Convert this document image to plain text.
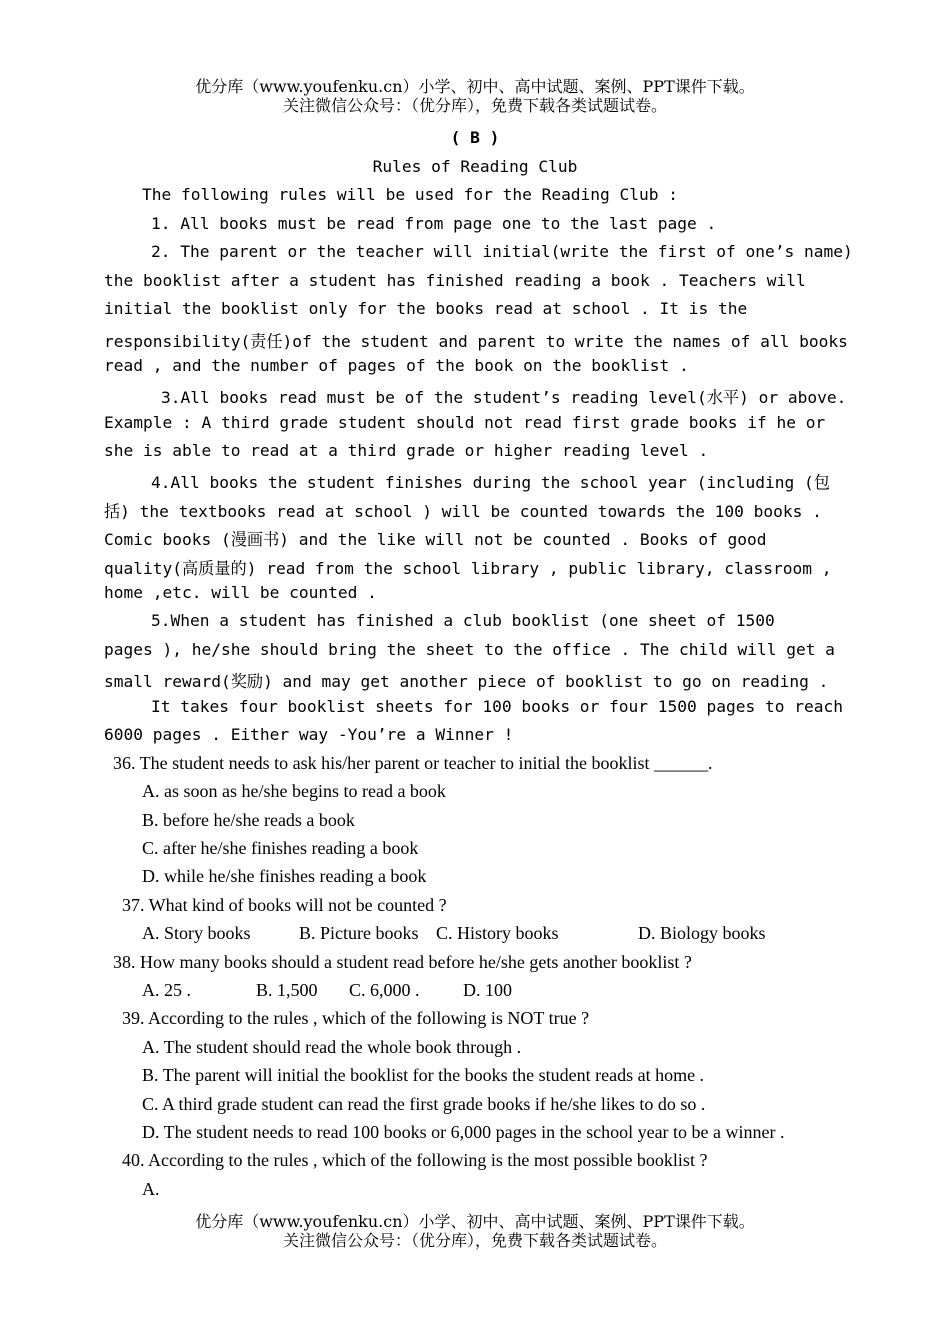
优分库（www.youfenku.cn）小学、初中、高中试题、案例、PPT课件下载。
关注微信公众号：（优分库），免费下载各类试题试卷。
( B )
Rules of Reading Club
The following rules will be used for the Reading Club :
1. All books must be read from page one to the last page .
2. The parent or the teacher will initial(write the first of one’s name)
the booklist after a student has finished reading a book . Teachers will
initial the booklist only for the books read at school . It is the
responsibility(责任)of the student and parent to write the names of all books
read , and the number of pages of the book on the booklist .
3.All books read must be of the student’s reading level(水平) or above.
Example : A third grade student should not read first grade books if he or
she is able to read at a third grade or higher reading level .
4.All books the student finishes during the school year (including (包
括) the textbooks read at school ) will be counted towards the 100 books .
Comic books (漫画书) and the like will not be counted . Books of good
quality(高质量的) read from the school library , public library, classroom ,
home ,etc. will be counted .
5.When a student has finished a club booklist (one sheet of 1500
pages ), he/she should bring the sheet to the office . The child will get a
small reward(奖励) and may get another piece of booklist to go on reading .
It takes four booklist sheets for 100 books or four 1500 pages to reach
6000 pages . Either way -You’re a Winner !
36. The student needs to ask his/her parent or teacher to initial the booklist ______.
A. as soon as he/she begins to read a book
B. before he/she reads a book
C. after he/she finishes reading a book
D. while he/she finishes reading a book
37. What kind of books will not be counted ?
A. Story books	B. Picture books C. History books	D. Biology books
38. How many books should a student read before he/she gets another booklist ?
A. 25 .	B. 1,500 C. 6,000 . D. 100
39. According to the rules , which of the following is NOT true ?
A. The student should read the whole book through .
B. The parent will initial the booklist for the books the student reads at home .
C. A third grade student can read the first grade books if he/she likes to do so .
D. The student needs to read 100 books or 6,000 pages in the school year to be a winner .
40. According to the rules , which of the following is the most possible booklist ?
A.
优分库（www.youfenku.cn）小学、初中、高中试题、案例、PPT课件下载。
关注微信公众号：（优分库），免费下载各类试题试卷。
